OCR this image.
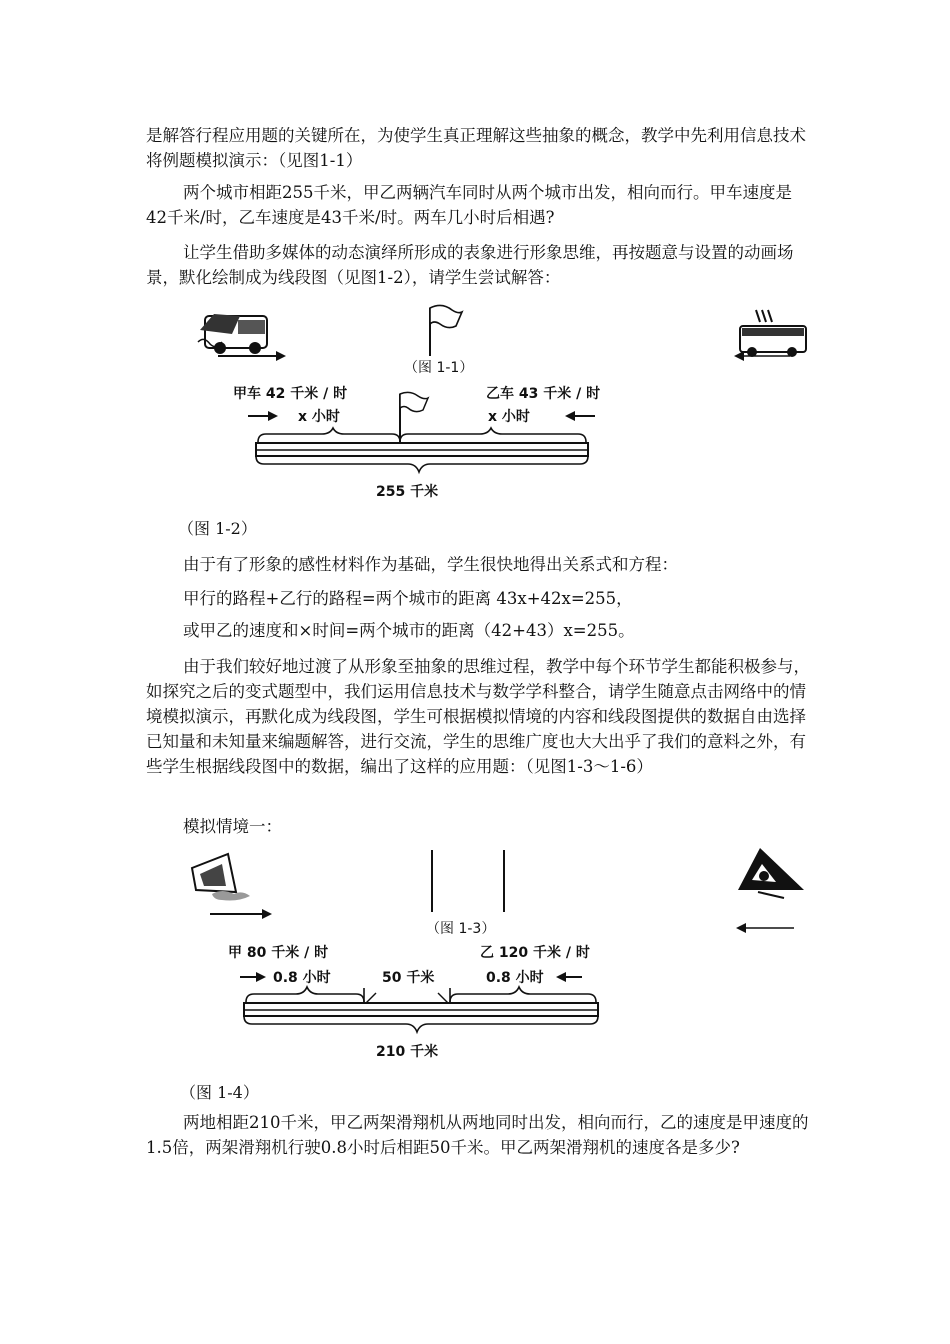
是解答行程应用题的关键所在，为使学生真正理解这些抽象的概念，教学中先利用信息技术将例题模拟演示：（见图1-1）

两个城市相距255千米，甲乙两辆汽车同时从两个城市出发，相向而行。甲车速度是42千米/时，乙车速度是43千米/时。两车几小时后相遇?

让学生借助多媒体的动态演绎所形成的表象进行形象思维，再按题意与设置的动画场景，默化绘制成为线段图（见图1-2），请学生尝试解答：

（图 1-1）
甲车 42 千米 / 时	乙车 43 千米 / 时
x 小时	x 小时
255 千米

（图 1-2）

由于有了形象的感性材料作为基础，学生很快地得出关系式和方程：

甲行的路程+乙行的路程=两个城市的距离 43x+42x=255，

或甲乙的速度和×时间=两个城市的距离（42+43）x=255。

由于我们较好地过渡了从形象至抽象的思维过程，教学中每个环节学生都能积极参与，如探究之后的变式题型中，我们运用信息技术与数学学科整合，请学生随意点击网络中的情境模拟演示，再默化成为线段图，学生可根据模拟情境的内容和线段图提供的数据自由选择已知量和未知量来编题解答，进行交流，学生的思维广度也大大出乎了我们的意料之外，有些学生根据线段图中的数据，编出了这样的应用题：（见图1-3～1-6）

模拟情境一：

（图 1-3）
甲 80 千米 / 时	乙 120 千米 / 时
0.8 小时	50 千米	0.8 小时
210 千米

（图 1-4）

两地相距210千米，甲乙两架滑翔机从两地同时出发，相向而行，乙的速度是甲速度的1.5倍，两架滑翔机行驶0.8小时后相距50千米。甲乙两架滑翔机的速度各是多少?
